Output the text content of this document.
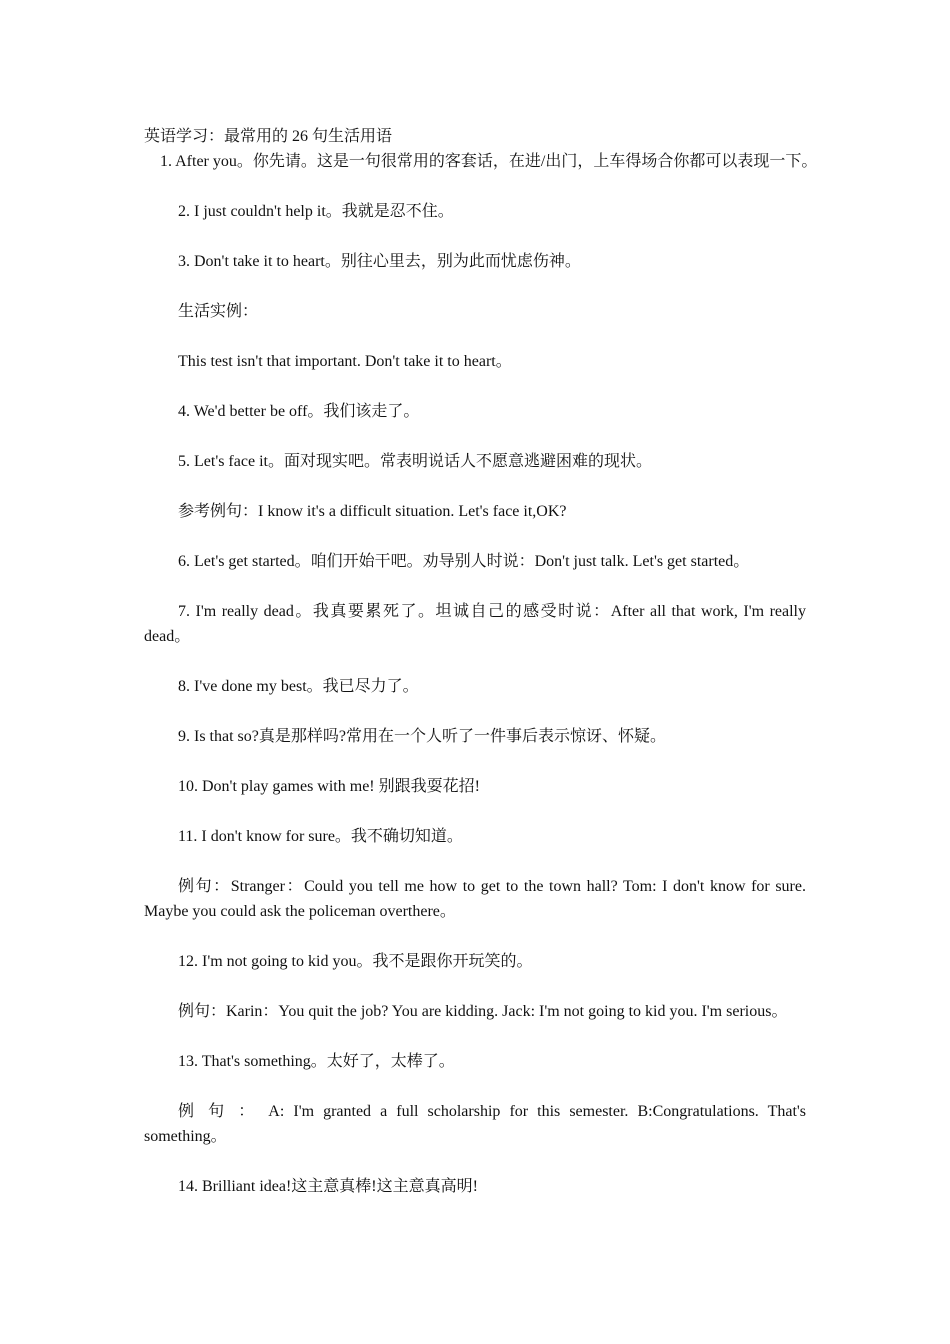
英语学习：最常用的 26 句生活用语

1. After you。你先请。这是一句很常用的客套话，在进/出门，上车得场合你都可以表现一下。

2. I just couldn't help it。我就是忍不住。

3. Don't take it to heart。别往心里去，别为此而忧虑伤神。

生活实例：

This test isn't that important. Don't take it to heart。

4. We'd better be off。我们该走了。

5. Let's face it。面对现实吧。常表明说话人不愿意逃避困难的现状。

参考例句：I know it's a difficult situation. Let's face it,OK?

6. Let's get started。咱们开始干吧。劝导别人时说：Don't just talk. Let's get started。

7. I'm really dead。我真要累死了。坦诚自己的感受时说：After all that work, I'm really dead。

8. I've done my best。我已尽力了。

9. Is that so?真是那样吗?常用在一个人听了一件事后表示惊讶、怀疑。

10. Don't play games with me! 别跟我耍花招!

11. I don't know for sure。我不确切知道。

例句：Stranger：Could you tell me how to get to the town hall? Tom: I don't know for sure. Maybe you could ask the policeman overthere。

12. I'm not going to kid you。我不是跟你开玩笑的。

例句：Karin：You quit the job? You are kidding. Jack: I'm not going to kid you. I'm serious。

13. That's something。太好了，太棒了。

例 句 ： A: I'm granted a full scholarship for this semester. B:Congratulations. That's something。

14. Brilliant idea!这主意真棒!这主意真高明!
